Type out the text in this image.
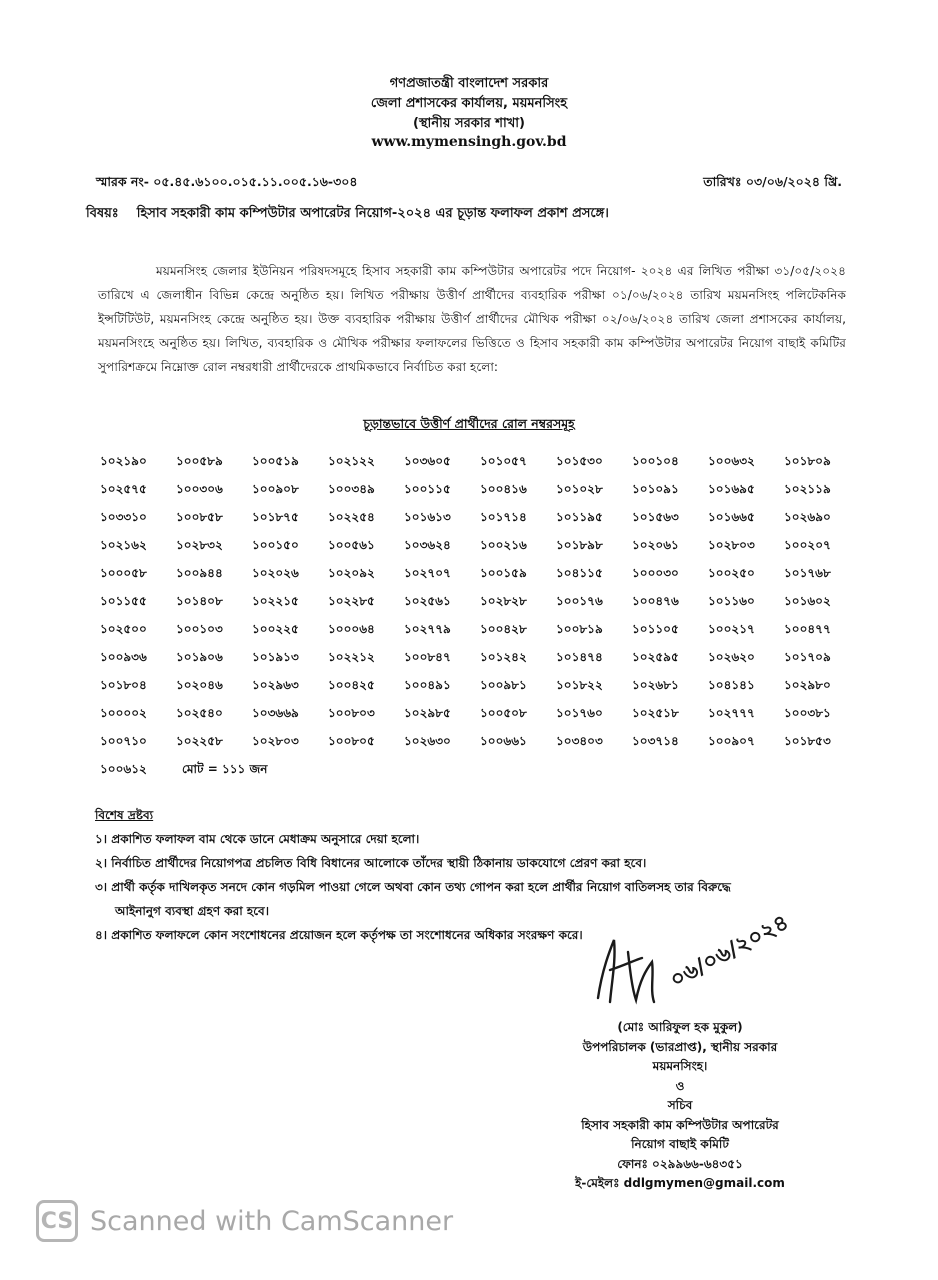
গণপ্রজাতন্ত্রী বাংলাদেশ সরকার
জেলা প্রশাসকের কার্যালয়, ময়মনসিংহ
(স্থানীয় সরকার শাখা)
www.mymensingh.gov.bd
স্মারক নং- ০৫.৪৫.৬১০০.০১৫.১১.০০৫.১৬-৩০৪	তারিখঃ ০৩/০৬/২০২৪ খ্রি.
বিষয়ঃ হিসাব সহকারী কাম কম্পিউটার অপারেটর নিয়োগ-২০২৪ এর চূড়ান্ত ফলাফল প্রকাশ প্রসঙ্গে।
ময়মনসিংহ জেলার ইউনিয়ন পরিষদসমূহে হিসাব সহকারী কাম কম্পিউটার অপারেটর পদে নিয়োগ- ২০২৪ এর লিখিত পরীক্ষা ৩১/০৫/২০২৪ তারিখে এ জেলাধীন বিভিন্ন কেন্দ্রে অনুষ্ঠিত হয়। লিখিত পরীক্ষায় উত্তীর্ণ প্রার্থীদের ব্যবহারিক পরীক্ষা ০১/০৬/২০২৪ তারিখ ময়মনসিংহ পলিটেকনিক ইন্সটিটিউট, ময়মনসিংহ কেন্দ্রে অনুষ্ঠিত হয়। উক্ত ব্যবহারিক পরীক্ষায় উত্তীর্ণ প্রার্থীদের মৌখিক পরীক্ষা ০২/০৬/২০২৪ তারিখ জেলা প্রশাসকের কার্যালয়, ময়মনসিংহে অনুষ্ঠিত হয়। লিখিত, ব্যবহারিক ও মৌখিক পরীক্ষার ফলাফলের ভিত্তিতে ও হিসাব সহকারী কাম কম্পিউটার অপারেটর নিয়োগ বাছাই কমিটির সুপারিশক্রমে নিম্নোক্ত রোল নম্বরধারী প্রার্থীদেরকে প্রাথমিকভাবে নির্বাচিত করা হলো:
চূড়ান্তভাবে উত্তীর্ণ প্রার্থীদের রোল নম্বরসমূহ
১০২১৯০	১০০৫৮৯	১০০৫১৯	১০২১২২	১০৩৬০৫	১০১০৫৭	১০১৫৩০	১০০১০৪	১০০৬৩২	১০১৮০৯
১০২৫৭৫	১০০৩০৬	১০০৯০৮	১০০৩৪৯	১০০১১৫	১০০৪১৬	১০১০২৮	১০১০৯১	১০১৬৯৫	১০২১১৯
১০৩৩১০	১০০৮৫৮	১০১৮৭৫	১০২২৫৪	১০১৬১৩	১০১৭১৪	১০১১৯৫	১০১৫৬৩	১০১৬৬৫	১০২৬৯০
১০২১৬২	১০২৮৩২	১০০১৫০	১০০৫৬১	১০৩৬২৪	১০০২১৬	১০১৮৯৮	১০২০৬১	১০২৮০৩	১০০২০৭
১০০০৫৮	১০০৯৪৪	১০২০২৬	১০২০৯২	১০২৭০৭	১০০১৫৯	১০৪১১৫	১০০০৩০	১০০২৫০	১০১৭৬৮
১০১১৫৫	১০১৪০৮	১০২২১৫	১০২২৮৫	১০২৫৬১	১০২৮২৮	১০০১৭৬	১০০৪৭৬	১০১১৬০	১০১৬০২
১০২৫০০	১০০১০৩	১০০২২৫	১০০০৬৪	১০২৭৭৯	১০০৪২৮	১০০৮১৯	১০১১০৫	১০০২১৭	১০০৪৭৭
১০০৯৩৬	১০১৯০৬	১০১৯১৩	১০২২১২	১০০৮৪৭	১০১২৪২	১০১৪৭৪	১০২৫৯৫	১০২৬২০	১০১৭০৯
১০১৮০৪	১০২০৪৬	১০২৯৬৩	১০০৪২৫	১০০৪৯১	১০০৯৮১	১০১৮২২	১০২৬৮১	১০৪১৪১	১০২৯৮০
১০০০০২	১০২৫৪০	১০৩৬৬৯	১০০৮০৩	১০২৯৮৫	১০০৫০৮	১০১৭৬০	১০২৫১৮	১০২৭৭৭	১০০৩৮১
১০০৭১০	১০২২৫৮	১০২৮০৩	১০০৮০৫	১০২৬৩০	১০০৬৬১	১০৩৪০৩	১০৩৭১৪	১০০৯০৭	১০১৮৫৩
১০০৬১২	মোট = ১১১ জন
বিশেষ দ্রষ্টব্য
১। প্রকাশিত ফলাফল বাম থেকে ডানে মেধাক্রম অনুসারে দেয়া হলো।
২। নির্বাচিত প্রার্থীদের নিয়োগপত্র প্রচলিত বিধি বিধানের আলোকে তাঁদের স্থায়ী ঠিকানায় ডাকযোগে প্রেরণ করা হবে।
৩। প্রার্থী কর্তৃক দাখিলকৃত সনদে কোন গড়মিল পাওয়া গেলে অথবা কোন তথ্য গোপন করা হলে প্রার্থীর নিয়োগ বাতিলসহ তার বিরুদ্ধে
আইনানুগ ব্যবস্থা গ্রহণ করা হবে।
৪। প্রকাশিত ফলাফলে কোন সংশোধনের প্রয়োজন হলে কর্তৃপক্ষ তা সংশোধনের অধিকার সংরক্ষণ করে।	০৬/০৬/২০২৪
(মোঃ আরিফুল হক মুকুল)
উপপরিচালক (ভারপ্রাপ্ত), স্থানীয় সরকার
ময়মনসিংহ।
ও
সচিব
হিসাব সহকারী কাম কম্পিউটার অপারেটর
নিয়োগ বাছাই কমিটি
ফোনঃ ০২৯৯৬৬-৬৪৩৫১
ই-মেইলঃ ddlgmymen@gmail.com
CS Scanned with CamScanner
